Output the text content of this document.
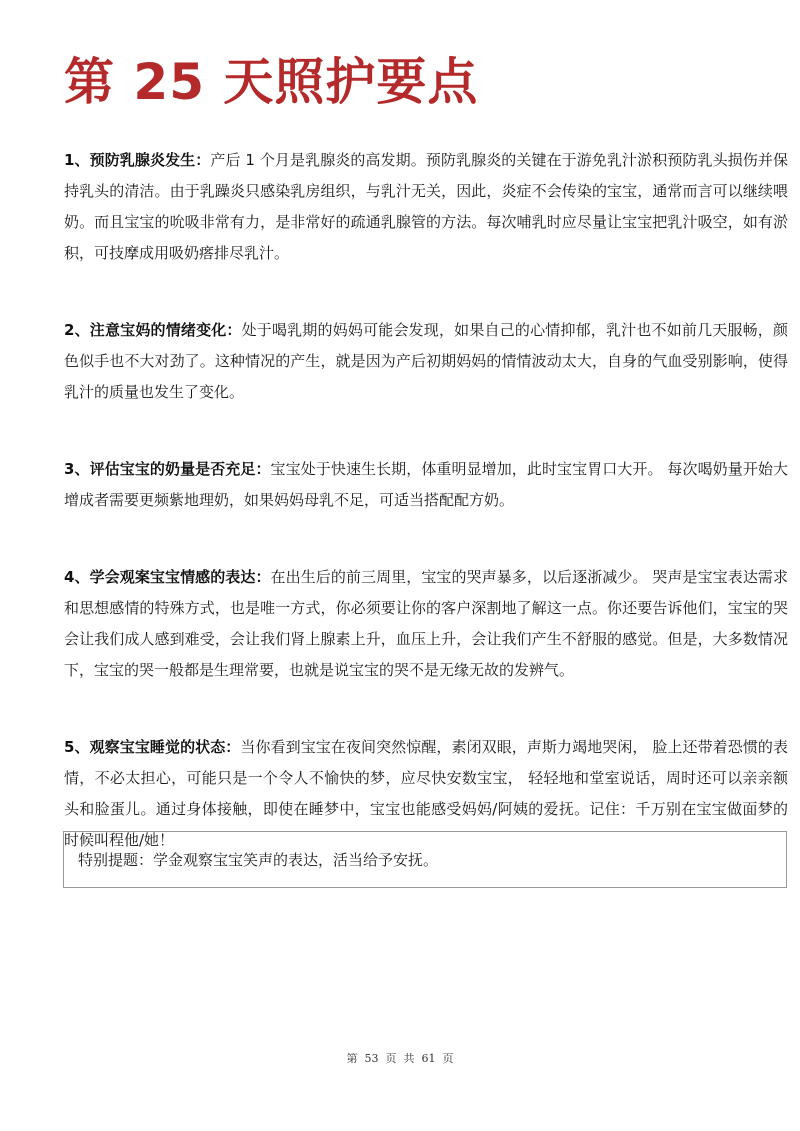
第 25 天照护要点

1、预防乳腺炎发生：产后 1 个月是乳腺炎的高发期。预防乳腺炎的关键在于游免乳汁淤积预防乳头损伤并保持乳头的清洁。由于乳躁炎只感染乳房组织，与乳汁无关，因此，炎症不会传染的宝宝，通常而言可以继续喂奶。而且宝宝的吮吸非常有力，是非常好的疏通乳腺管的方法。每次哺乳时应尽量让宝宝把乳汁吸空，如有淤积，可技摩成用吸奶瘩排尽乳汁。

2、注意宝妈的情绪变化：处于喝乳期的妈妈可能会发现，如果自己的心情抑郁，乳汁也不如前几天服畅，颜色似手也不大对劲了。这种情况的产生，就是因为产后初期妈妈的情情波动太大，自身的气血受别影响，使得乳汁的质量也发生了变化。

3、评估宝宝的奶量是否充足：宝宝处于快速生长期，体重明显增加，此时宝宝胃口大开。 每次喝奶量开始大增成者需要更频紫地理奶，如果妈妈母乳不足，可适当搭配配方奶。

4、学会观案宝宝情感的表达：在出生后的前三周里，宝宝的哭声暴多，以后逐浙减少。 哭声是宝宝表达需求和思想感情的特殊方式，也是唯一方式，你必须要让你的客户深割地了解这一点。你还要告诉他们，宝宝的哭会让我们成人感到难受，会让我们肾上腺素上升，血压上升，会让我们产生不舒服的感觉。但是，大多数情况下，宝宝的哭一般都是生理常要，也就是说宝宝的哭不是无缘无故的发辨气。

5、观察宝宝睡觉的状态：当你看到宝宝在夜间突然惊醒，素闭双眼，声斯力竭地哭闲， 脸上还带着恐惯的表情，不必太担心，可能只是一个令人不愉快的梦，应尽快安数宝宝， 轻轻地和堂室说话，周时还可以亲亲额头和脸蛋儿。通过身体接触，即使在睡梦中，宝宝也能感受妈妈/阿姨的爱抚。记住：千万别在宝宝做面梦的时候叫程他/她！

特别提题：学金观察宝宝笑声的表达，活当给予安抚。
第  53  页  共  61  页
